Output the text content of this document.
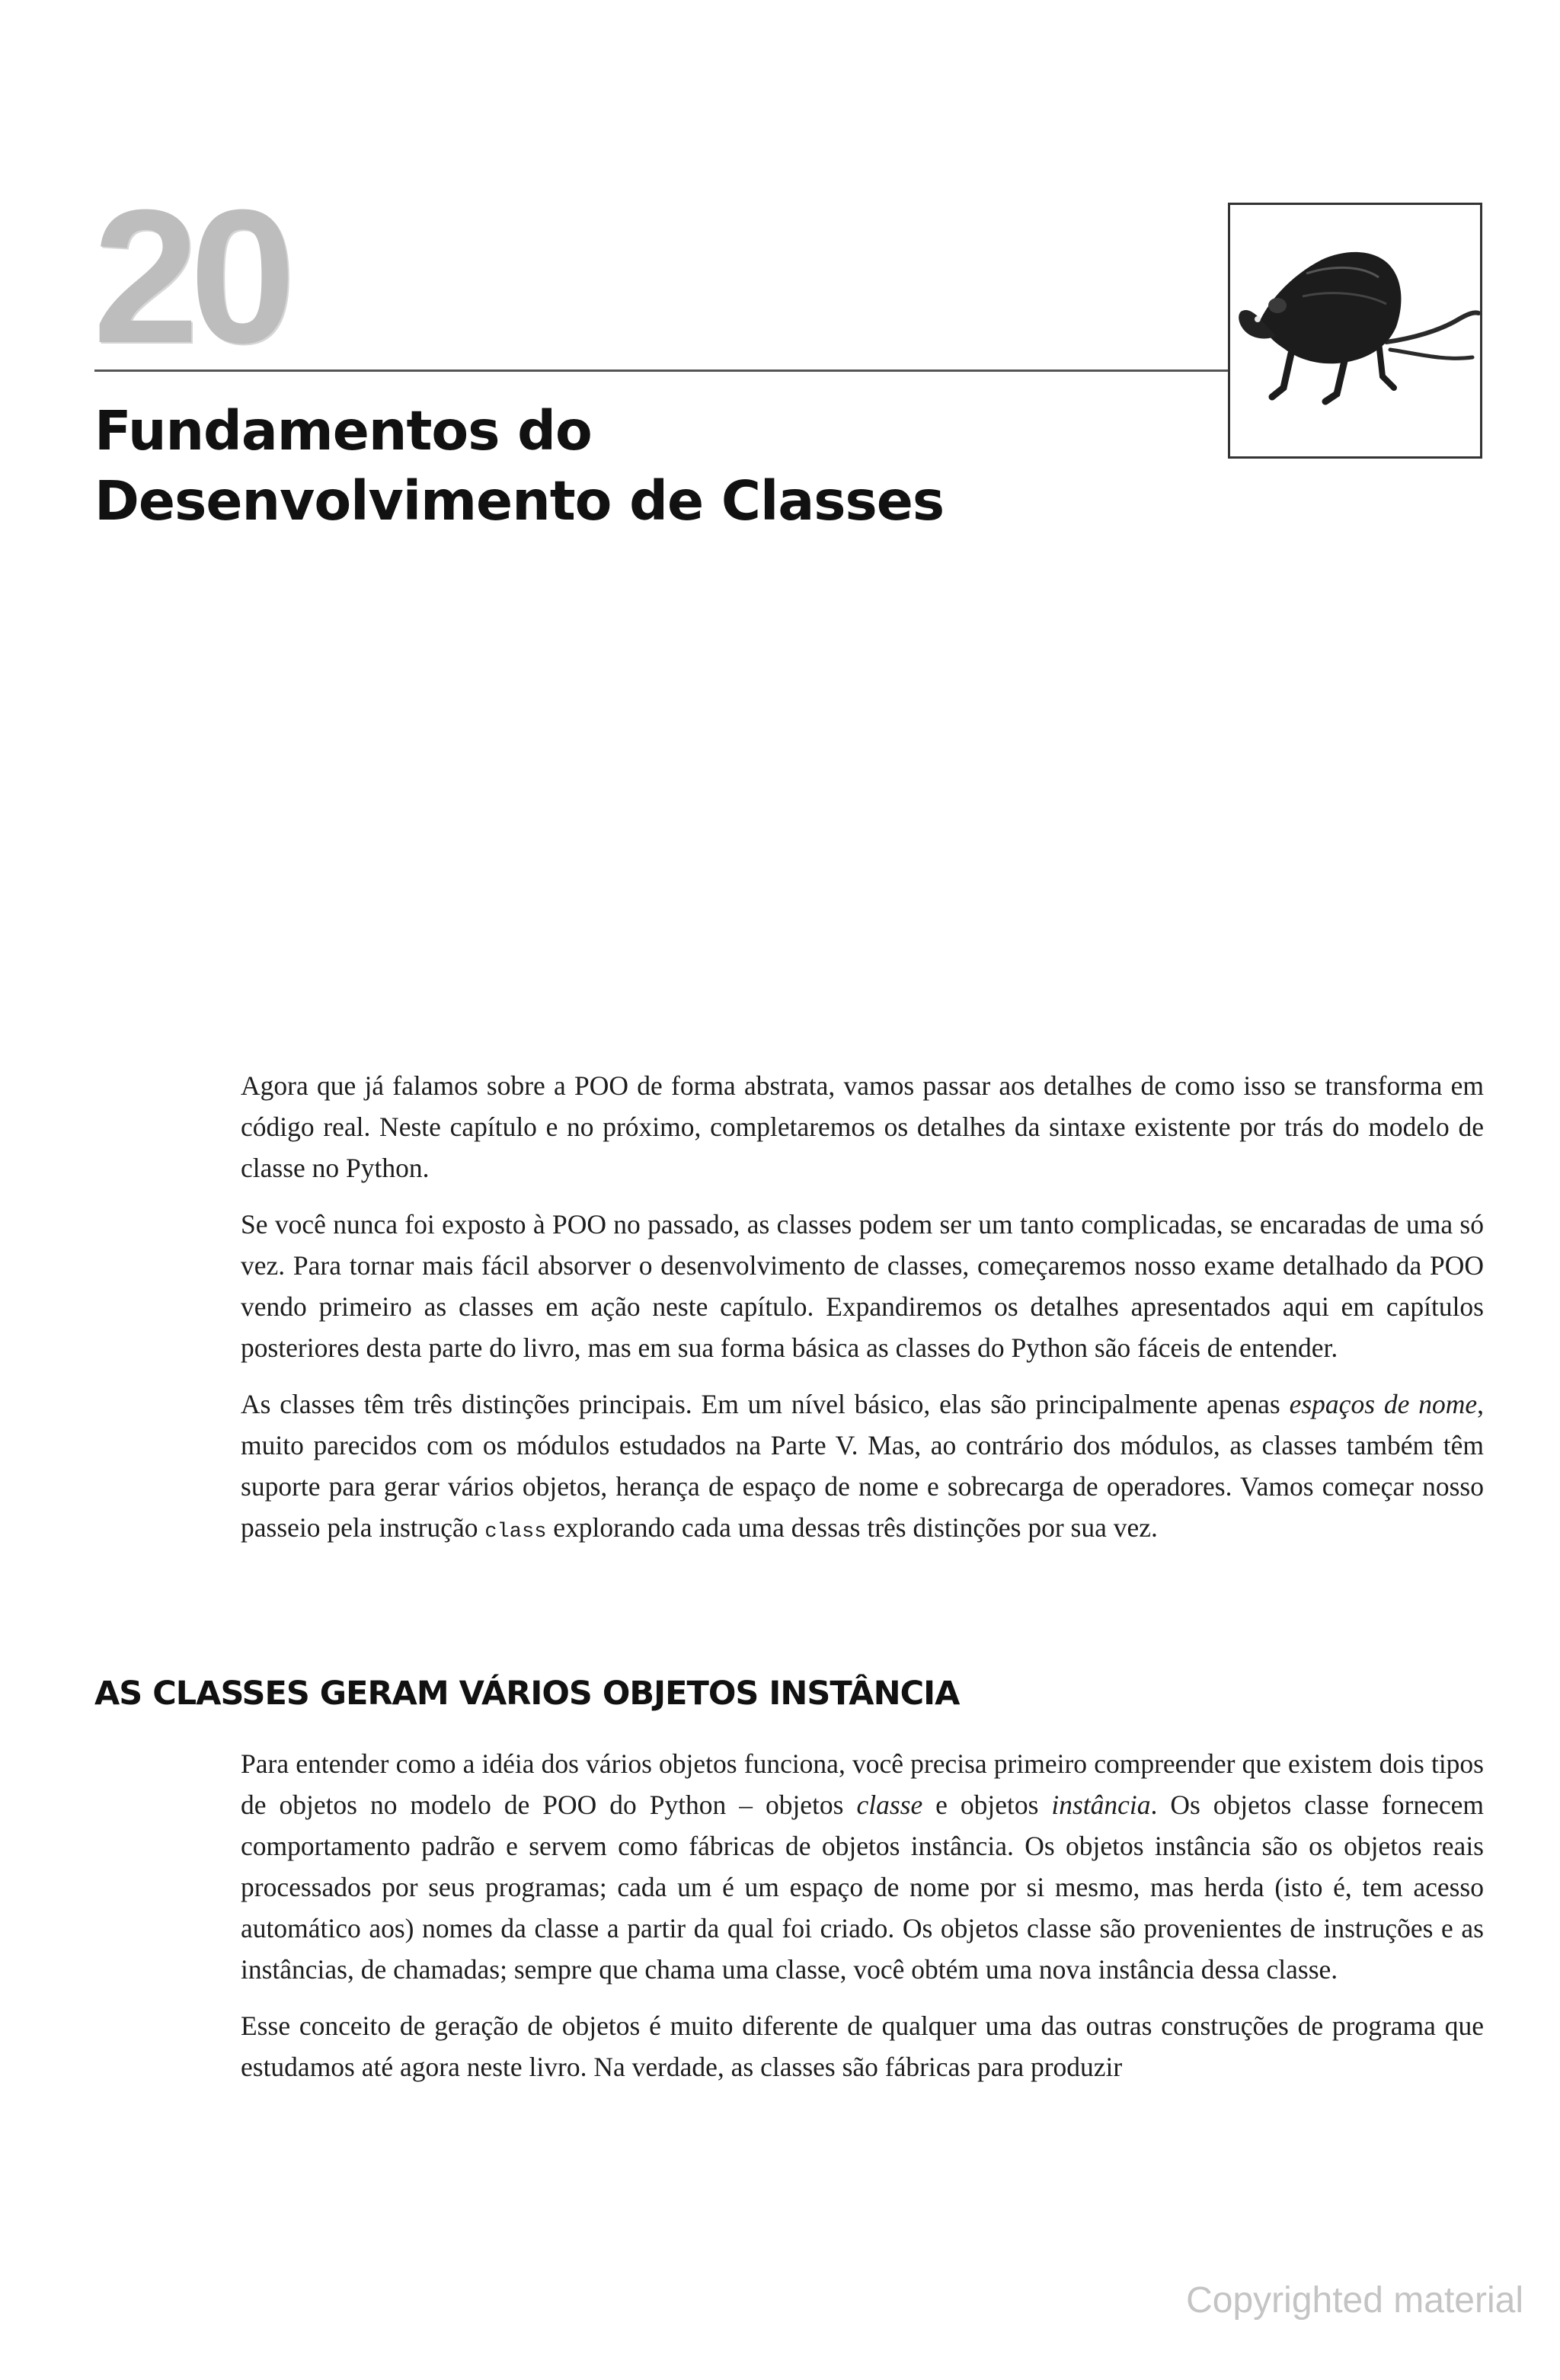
20
Fundamentos do
Desenvolvimento de Classes

Agora que já falamos sobre a POO de forma abstrata, vamos passar aos detalhes de como isso se transforma em código real. Neste capítulo e no próximo, completaremos os detalhes da sintaxe existente por trás do modelo de classe no Python.

Se você nunca foi exposto à POO no passado, as classes podem ser um tanto complicadas, se encaradas de uma só vez. Para tornar mais fácil absorver o desenvolvimento de classes, começaremos nosso exame detalhado da POO vendo primeiro as classes em ação neste capítulo. Expandiremos os detalhes apresentados aqui em capítulos posteriores desta parte do livro, mas em sua forma básica as classes do Python são fáceis de entender.

As classes têm três distinções principais. Em um nível básico, elas são principalmente apenas espaços de nome, muito parecidos com os módulos estudados na Parte V. Mas, ao contrário dos módulos, as classes também têm suporte para gerar vários objetos, herança de espaço de nome e sobrecarga de operadores. Vamos começar nosso passeio pela instrução class explorando cada uma dessas três distinções por sua vez.

AS CLASSES GERAM VÁRIOS OBJETOS INSTÂNCIA

Para entender como a idéia dos vários objetos funciona, você precisa primeiro compreender que existem dois tipos de objetos no modelo de POO do Python – objetos classe e objetos instância. Os objetos classe fornecem comportamento padrão e servem como fábricas de objetos instância. Os objetos instância são os objetos reais processados por seus programas; cada um é um espaço de nome por si mesmo, mas herda (isto é, tem acesso automático aos) nomes da classe a partir da qual foi criado. Os objetos classe são provenientes de instruções e as instâncias, de chamadas; sempre que chama uma classe, você obtém uma nova instância dessa classe.

Esse conceito de geração de objetos é muito diferente de qualquer uma das outras construções de programa que estudamos até agora neste livro. Na verdade, as classes são fábricas para produzir

Copyrighted material
